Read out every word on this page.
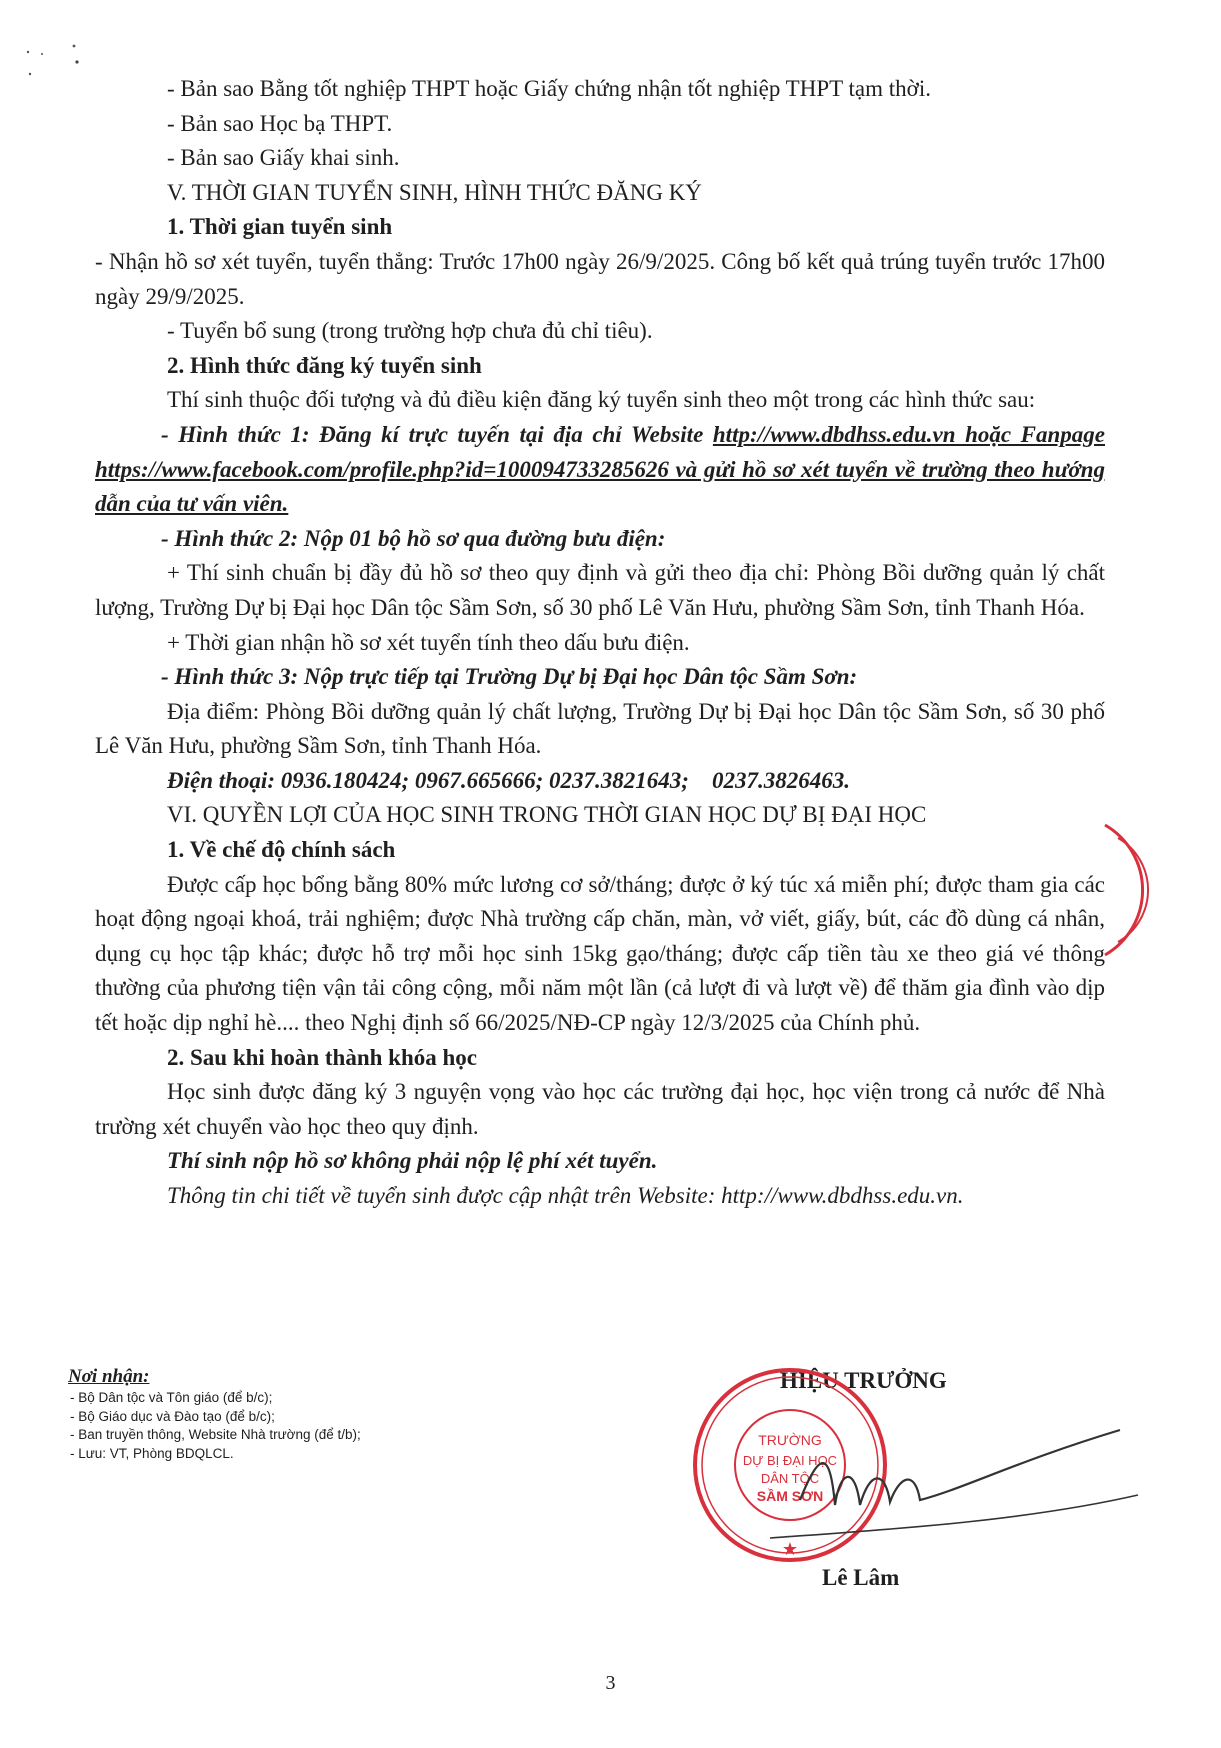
- Bản sao Bằng tốt nghiệp THPT hoặc Giấy chứng nhận tốt nghiệp THPT tạm thời.
- Bản sao Học bạ THPT.
- Bản sao Giấy khai sinh.
V. THỜI GIAN TUYỂN SINH, HÌNH THỨC ĐĂNG KÝ
1. Thời gian tuyển sinh
- Nhận hồ sơ xét tuyển, tuyển thẳng: Trước 17h00 ngày 26/9/2025. Công bố kết quả trúng tuyển trước 17h00 ngày 29/9/2025.
- Tuyển bổ sung (trong trường hợp chưa đủ chỉ tiêu).
2. Hình thức đăng ký tuyển sinh
Thí sinh thuộc đối tượng và đủ điều kiện đăng ký tuyển sinh theo một trong các hình thức sau:
- Hình thức 1: Đăng kí trực tuyến tại địa chỉ Website http://www.dbdhss.edu.vn hoặc Fanpage https://www.facebook.com/profile.php?id=100094733285626 và gửi hồ sơ xét tuyển về trường theo hướng dẫn của tư vấn viên.
- Hình thức 2: Nộp 01 bộ hồ sơ qua đường bưu điện:
+ Thí sinh chuẩn bị đầy đủ hồ sơ theo quy định và gửi theo địa chỉ: Phòng Bồi dưỡng quản lý chất lượng, Trường Dự bị Đại học Dân tộc Sầm Sơn, số 30 phố Lê Văn Hưu, phường Sầm Sơn, tỉnh Thanh Hóa.
+ Thời gian nhận hồ sơ xét tuyển tính theo dấu bưu điện.
- Hình thức 3: Nộp trực tiếp tại Trường Dự bị Đại học Dân tộc Sầm Sơn:
Địa điểm: Phòng Bồi dưỡng quản lý chất lượng, Trường Dự bị Đại học Dân tộc Sầm Sơn, số 30 phố Lê Văn Hưu, phường Sầm Sơn, tỉnh Thanh Hóa.
Điện thoại: 0936.180424; 0967.665666; 0237.3821643;    0237.3826463.
VI. QUYỀN LỢI CỦA HỌC SINH TRONG THỜI GIAN HỌC DỰ BỊ ĐẠI HỌC
1. Về chế độ chính sách
Được cấp học bổng bằng 80% mức lương cơ sở/tháng; được ở ký túc xá miễn phí; được tham gia các hoạt động ngoại khoá, trải nghiệm; được Nhà trường cấp chăn, màn, vở viết, giấy, bút, các đồ dùng cá nhân, dụng cụ học tập khác; được hỗ trợ mỗi học sinh 15kg gạo/tháng; được cấp tiền tàu xe theo giá vé thông thường của phương tiện vận tải công cộng, mỗi năm một lần (cả lượt đi và lượt về) để thăm gia đình vào dịp tết hoặc dịp nghỉ hè.... theo Nghị định số 66/2025/NĐ-CP ngày 12/3/2025 của Chính phủ.
2. Sau khi hoàn thành khóa học
Học sinh được đăng ký 3 nguyện vọng vào học các trường đại học, học viện trong cả nước để Nhà trường xét chuyển vào học theo quy định.
Thí sinh nộp hồ sơ không phải nộp lệ phí xét tuyển.
Thông tin chi tiết về tuyển sinh được cập nhật trên Website: http://www.dbdhss.edu.vn.
Nơi nhận:
- Bộ Dân tộc và Tôn giáo (để b/c);
- Bộ Giáo dục và Đào tạo (để b/c);
- Ban truyền thông, Website Nhà trường (để t/b);
- Lưu: VT, Phòng BDQLCL.
HIỆU TRƯỞNG
TRƯỜNG
DỰ BỊ ĐẠI HỌC
DÂN TỘC
SẦM SƠN
★
Lê Lâm
3
